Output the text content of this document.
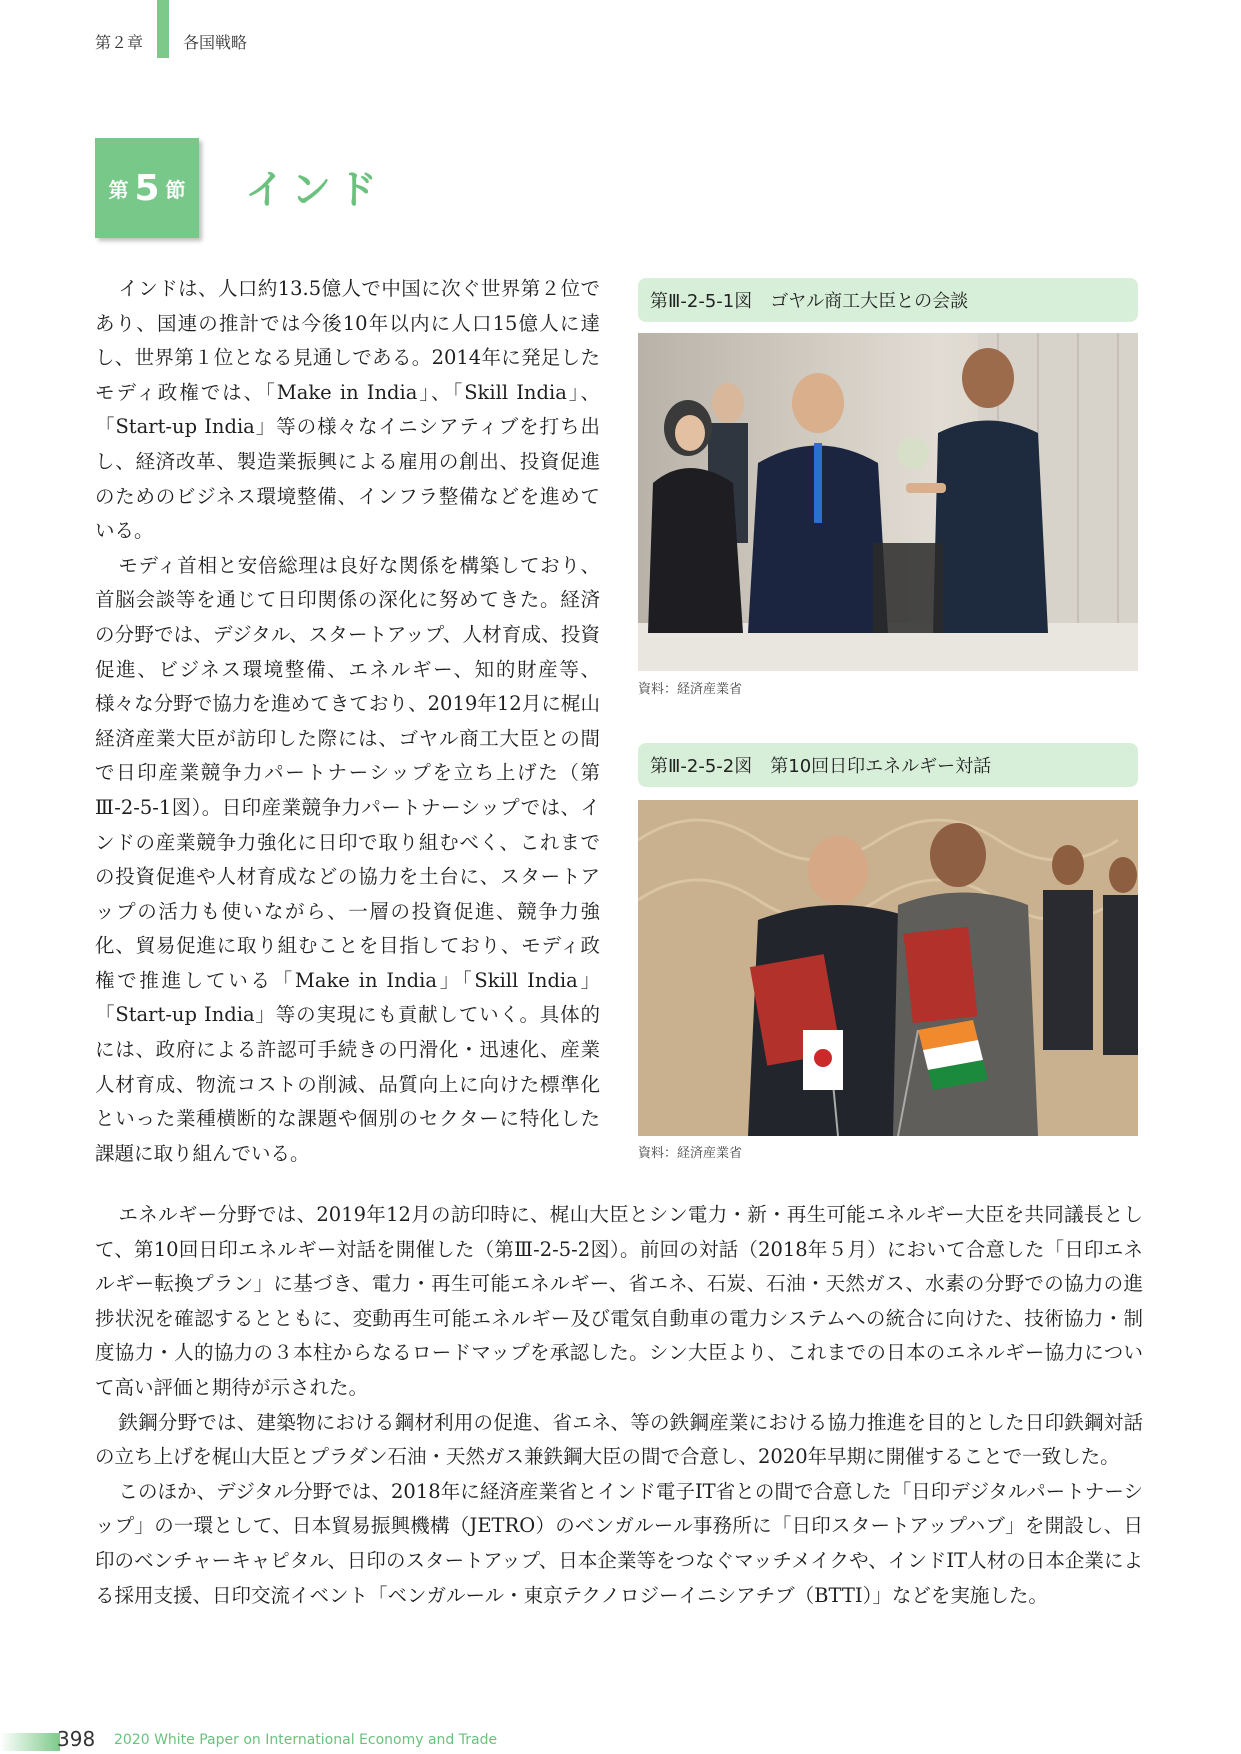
第２章 各国戦略
第 5 節 インド

インドは、人口約13.5億人で中国に次ぐ世界第２位であり、国連の推計では今後10年以内に人口15億人に達し、世界第１位となる見通しである。2014年に発足したモディ政権では、「Make in India」、「Skill India」、「Start-up India」等の様々なイニシアティブを打ち出し、経済改革、製造業振興による雇用の創出、投資促進のためのビジネス環境整備、インフラ整備などを進めている。

モディ首相と安倍総理は良好な関係を構築しており、首脳会談等を通じて日印関係の深化に努めてきた。経済の分野では、デジタル、スタートアップ、人材育成、投資促進、ビジネス環境整備、エネルギー、知的財産等、様々な分野で協力を進めてきており、2019年12月に梶山経済産業大臣が訪印した際には、ゴヤル商工大臣との間で日印産業競争力パートナーシップを立ち上げた（第Ⅲ-2-5-1図）。日印産業競争力パートナーシップでは、インドの産業競争力強化に日印で取り組むべく、これまでの投資促進や人材育成などの協力を土台に、スタートアップの活力も使いながら、一層の投資促進、競争力強化、貿易促進に取り組むことを目指しており、モディ政権で推進している「Make in India」「Skill India」「Start-up India」等の実現にも貢献していく。具体的には、政府による許認可手続きの円滑化・迅速化、産業人材育成、物流コストの削減、品質向上に向けた標準化といった業種横断的な課題や個別のセクターに特化した課題に取り組んでいる。

第Ⅲ-2-5-1図　ゴヤル商工大臣との会談
資料：経済産業省
第Ⅲ-2-5-2図　第10回日印エネルギー対話
資料：経済産業省

エネルギー分野では、2019年12月の訪印時に、梶山大臣とシン電力・新・再生可能エネルギー大臣を共同議長として、第10回日印エネルギー対話を開催した（第Ⅲ-2-5-2図）。前回の対話（2018年５月）において合意した「日印エネルギー転換プラン」に基づき、電力・再生可能エネルギー、省エネ、石炭、石油・天然ガス、水素の分野での協力の進捗状況を確認するとともに、変動再生可能エネルギー及び電気自動車の電力システムへの統合に向けた、技術協力・制度協力・人的協力の３本柱からなるロードマップを承認した。シン大臣より、これまでの日本のエネルギー協力について高い評価と期待が示された。

鉄鋼分野では、建築物における鋼材利用の促進、省エネ、等の鉄鋼産業における協力推進を目的とした日印鉄鋼対話の立ち上げを梶山大臣とプラダン石油・天然ガス兼鉄鋼大臣の間で合意し、2020年早期に開催することで一致した。

このほか、デジタル分野では、2018年に経済産業省とインド電子IT省との間で合意した「日印デジタルパートナーシップ」の一環として、日本貿易振興機構（JETRO）のベンガルール事務所に「日印スタートアップハブ」を開設し、日印のベンチャーキャピタル、日印のスタートアップ、日本企業等をつなぐマッチメイクや、インドIT人材の日本企業による採用支援、日印交流イベント「ベンガルール・東京テクノロジーイニシアチブ（BTTI）」などを実施した。

398 2020 White Paper on International Economy and Trade
